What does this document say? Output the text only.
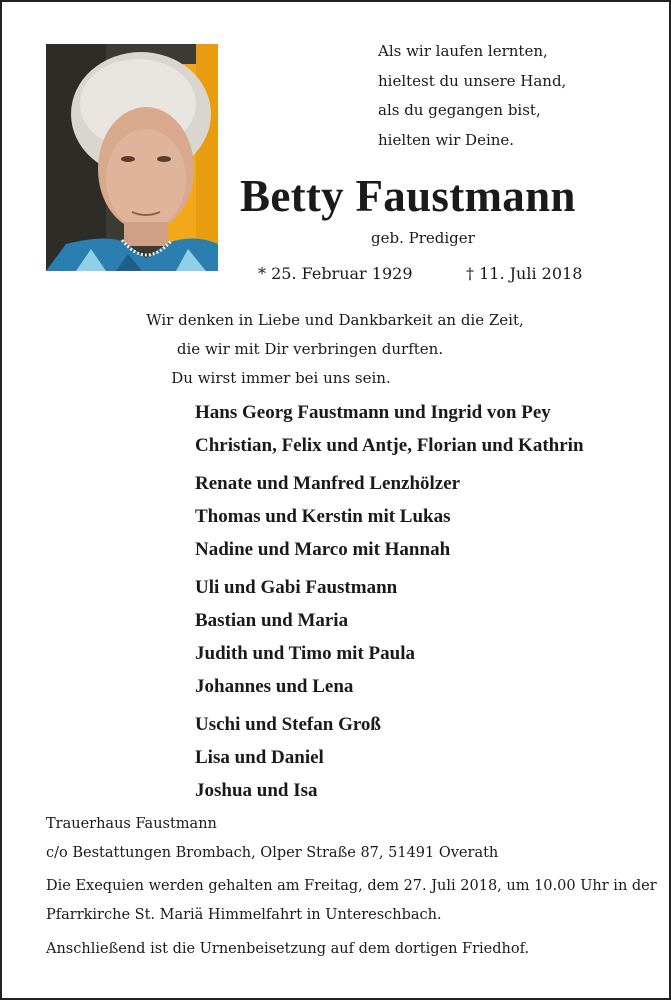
Als wir laufen lernten,
hieltest du unsere Hand,
als du gegangen bist,
hielten wir Deine.
Betty Faustmann
geb. Prediger
* 25. Februar 1929	† 11. Juli 2018
Wir denken in Liebe und Dankbarkeit an die Zeit,
die wir mit Dir verbringen durften.
Du wirst immer bei uns sein.
Hans Georg Faustmann und Ingrid von Pey
Christian, Felix und Antje, Florian und Kathrin
Renate und Manfred Lenzhölzer
Thomas und Kerstin mit Lukas
Nadine und Marco mit Hannah
Uli und Gabi Faustmann
Bastian und Maria
Judith und Timo mit Paula
Johannes und Lena
Uschi und Stefan Groß
Lisa und Daniel
Joshua und Isa
Trauerhaus Faustmann
c/o Bestattungen Brombach, Olper Straße 87, 51491 Overath
Die Exequien werden gehalten am Freitag, dem 27. Juli 2018, um 10.00 Uhr in der
Pfarrkirche St. Mariä Himmelfahrt in Untereschbach.
Anschließend ist die Urnenbeisetzung auf dem dortigen Friedhof.
